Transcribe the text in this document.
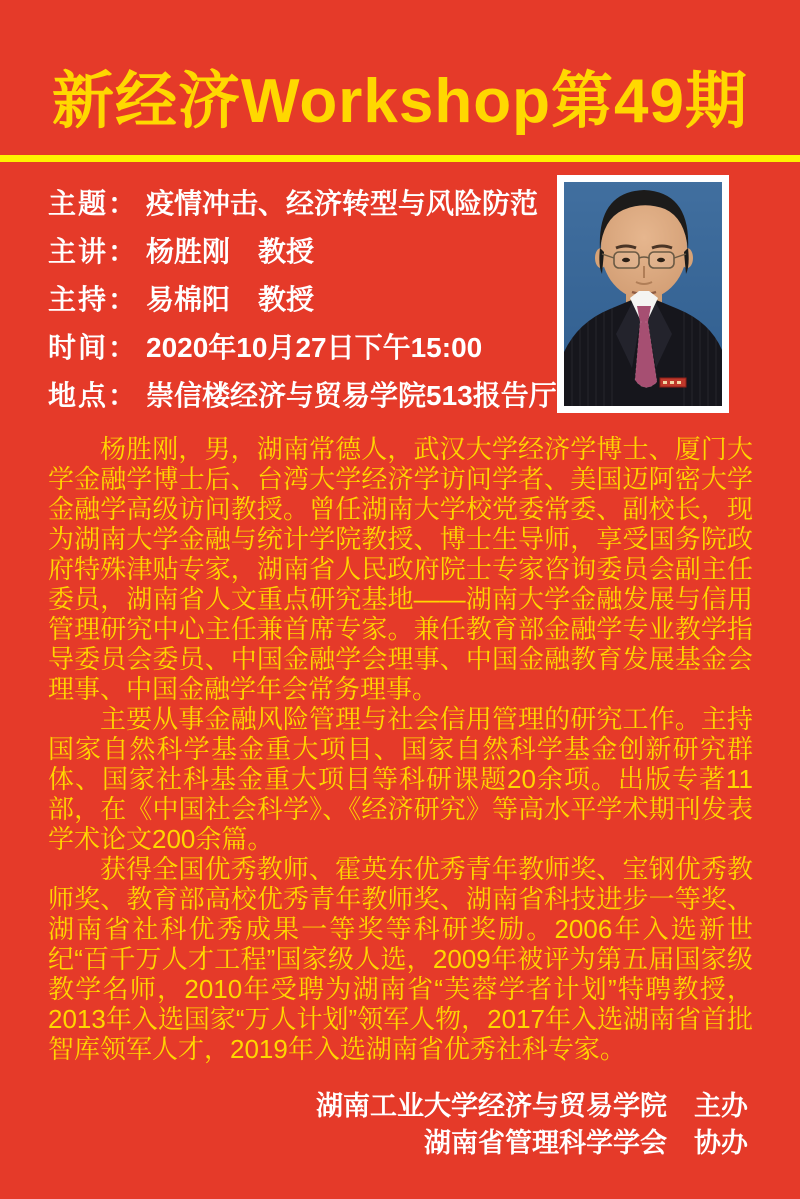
新经济Workshop第49期
主题： 疫情冲击、经济转型与风险防范
主讲： 杨胜刚　教授
主持： 易棉阳　教授
时间： 2020年10月27日下午15:00
地点： 崇信楼经济与贸易学院513报告厅

杨胜刚，男，湖南常德人，武汉大学经济学博士、厦门大学金融学博士后、台湾大学经济学访问学者、美国迈阿密大学金融学高级访问教授。曾任湖南大学校党委常委、副校长，现为湖南大学金融与统计学院教授、博士生导师，享受国务院政府特殊津贴专家，湖南省人民政府院士专家咨询委员会副主任委员，湖南省人文重点研究基地——湖南大学金融发展与信用管理研究中心主任兼首席专家。兼任教育部金融学专业教学指导委员会委员、中国金融学会理事、中国金融教育发展基金会理事、中国金融学年会常务理事。

主要从事金融风险管理与社会信用管理的研究工作。主持国家自然科学基金重大项目、国家自然科学基金创新研究群体、国家社科基金重大项目等科研课题20余项。出版专著11部，在《中国社会科学》、《经济研究》等高水平学术期刊发表学术论文200余篇。

获得全国优秀教师、霍英东优秀青年教师奖、宝钢优秀教师奖、教育部高校优秀青年教师奖、湖南省科技进步一等奖、湖南省社科优秀成果一等奖等科研奖励。2006年入选新世纪“百千万人才工程”国家级人选，2009年被评为第五届国家级教学名师，2010年受聘为湖南省“芙蓉学者计划”特聘教授，2013年入选国家“万人计划”领军人物，2017年入选湖南省首批智库领军人才，2019年入选湖南省优秀社科专家。

湖南工业大学经济与贸易学院　主办
湖南省管理科学学会　协办
